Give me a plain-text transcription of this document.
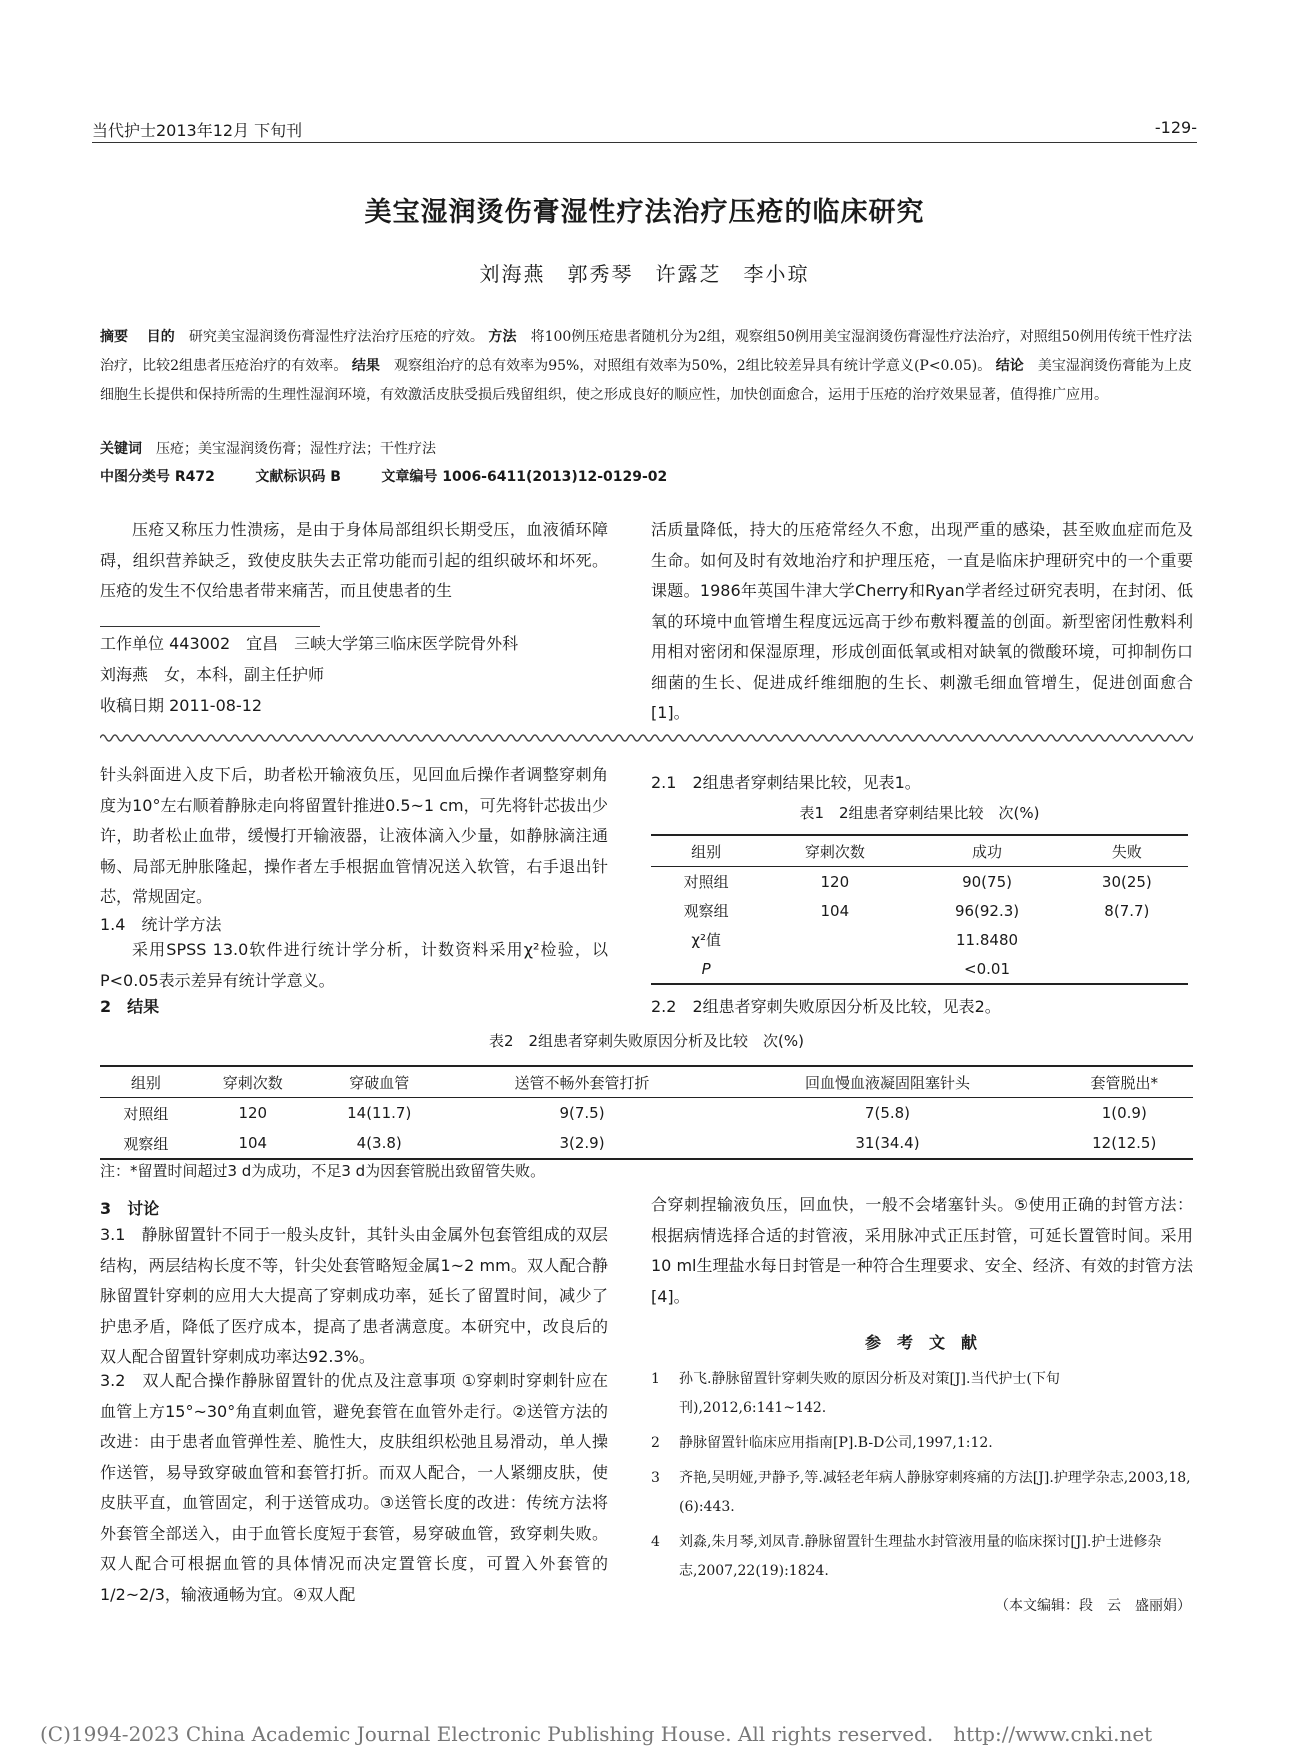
当代护士2013年12月 下旬刊	-129-
美宝湿润烫伤膏湿性疗法治疗压疮的临床研究
刘海燕　郭秀琴　许露芝　李小琼
摘要　 目的　 研究美宝湿润烫伤膏湿性疗法治疗压疮的疗效。 方法　 将100例压疮患者随机分为2组，观察组50例用美宝湿润烫伤膏湿性疗法治疗，对照组50例用传统干性疗法治疗，比较2组患者压疮治疗的有效率。 结果　 观察组治疗的总有效率为95%，对照组有效率为50%，2组比较差异具有统计学意义(P<0.05)。 结论　 美宝湿润烫伤膏能为上皮细胞生长提供和保持所需的生理性湿润环境，有效激活皮肤受损后残留组织，使之形成良好的顺应性，加快创面愈合，运用于压疮的治疗效果显著，值得推广应用。
关键词　 压疮；美宝湿润烫伤膏；湿性疗法；干性疗法
中图分类号 R472	文献标识码 B	文章编号 1006-6411(2013)12-0129-02
压疮又称压力性溃疡，是由于身体局部组织长期受压，血液循环障碍，组织营养缺乏，致使皮肤失去正常功能而引起的组织破坏和坏死。压疮的发生不仅给患者带来痛苦，而且使患者的生
活质量降低，持大的压疮常经久不愈，出现严重的感染，甚至败血症而危及生命。如何及时有效地治疗和护理压疮，一直是临床护理研究中的一个重要课题。1986年英国牛津大学Cherry和Ryan学者经过研究表明，在封闭、低氧的环境中血管增生程度远远高于纱布敷料覆盖的创面。新型密闭性敷料利用相对密闭和保湿原理，形成创面低氧或相对缺氧的微酸环境，可抑制伤口细菌的生长、促进成纤维细胞的生长、刺激毛细血管增生，促进创面愈合[1]。
工作单位 443002　宜昌　三峡大学第三临床医学院骨外科
刘海燕　女，本科，副主任护师
收稿日期 2011-08-12
针头斜面进入皮下后，助者松开输液负压，见回血后操作者调整穿刺角度为10°左右顺着静脉走向将留置针推进0.5~1 cm，可先将针芯拔出少许，助者松止血带，缓慢打开输液器，让液体滴入少量，如静脉滴注通畅、局部无肿胀隆起，操作者左手根据血管情况送入软管，右手退出针芯，常规固定。
1.4　统计学方法
采用SPSS 13.0软件进行统计学分析，计数资料采用χ²检验，以P<0.05表示差异有统计学意义。
2　结果
2.1　2组患者穿刺结果比较，见表1。
表1　2组患者穿刺结果比较　次(%)
组别	穿刺次数	成功	失败
对照组	120	90(75)	30(25)
观察组	104	96(92.3)	8(7.7)
χ²值		11.8480	
P		<0.01	
2.2　2组患者穿刺失败原因分析及比较，见表2。
表2　2组患者穿刺失败原因分析及比较　次(%)
组别	穿刺次数	穿破血管	送管不畅外套管打折	回血慢血液凝固阻塞针头	套管脱出*
对照组	120	14(11.7)	9(7.5)	7(5.8)	1(0.9)
观察组	104	4(3.8)	3(2.9)	31(34.4)	12(12.5)
注：*留置时间超过3 d为成功，不足3 d为因套管脱出致留管失败。
3　讨论
3.1　静脉留置针不同于一般头皮针，其针头由金属外包套管组成的双层结构，两层结构长度不等，针尖处套管略短金属1~2 mm。双人配合静脉留置针穿刺的应用大大提高了穿刺成功率，延长了留置时间，减少了护患矛盾，降低了医疗成本，提高了患者满意度。本研究中，改良后的双人配合留置针穿刺成功率达92.3%。
3.2　双人配合操作静脉留置针的优点及注意事项 ①穿刺时穿刺针应在血管上方15°~30°角直刺血管，避免套管在血管外走行。②送管方法的改进：由于患者血管弹性差、脆性大，皮肤组织松弛且易滑动，单人操作送管，易导致穿破血管和套管打折。而双人配合，一人紧绷皮肤，使皮肤平直，血管固定，利于送管成功。③送管长度的改进：传统方法将外套管全部送入，由于血管长度短于套管，易穿破血管，致穿刺失败。双人配合可根据血管的具体情况而决定置管长度，可置入外套管的1/2~2/3，输液通畅为宜。④双人配
合穿刺捏输液负压，回血快，一般不会堵塞针头。⑤使用正确的封管方法：根据病情选择合适的封管液，采用脉冲式正压封管，可延长置管时间。采用10 ml生理盐水每日封管是一种符合生理要求、安全、经济、有效的封管方法[4]。
参　考　文　献
1	孙飞.静脉留置针穿刺失败的原因分析及对策[J].当代护士(下旬刊),2012,6:141~142.
2	静脉留置针临床应用指南[P].B-D公司,1997,1:12.
3	齐艳,吴明娅,尹静予,等.减轻老年病人静脉穿刺疼痛的方法[J].护理学杂志,2003,18,(6):443.
4	刘淼,朱月琴,刘凤青.静脉留置针生理盐水封管液用量的临床探讨[J].护士进修杂志,2007,22(19):1824.
（本文编辑：段　云　盛丽娟）
(C)1994-2023 China Academic Journal Electronic Publishing House. All rights reserved.　http://www.cnki.net
